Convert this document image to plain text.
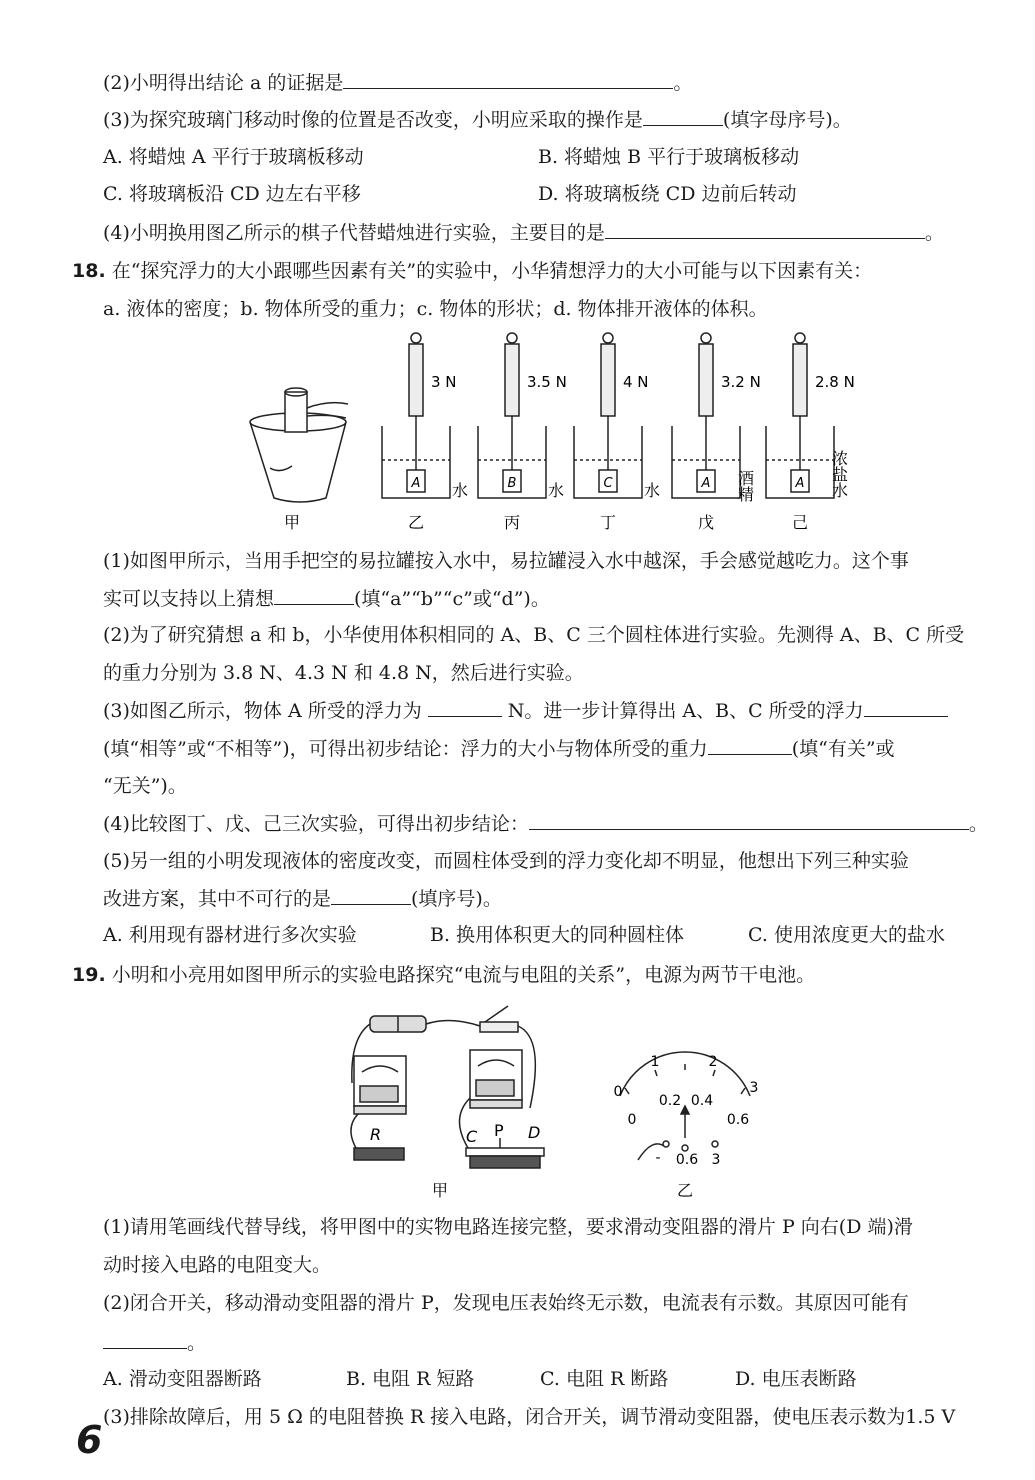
(2)小明得出结论 a 的证据是	。
(3)为探究玻璃门移动时像的位置是否改变，小明应采取的操作是	(填字母序号)。
A. 将蜡烛 A 平行于玻璃板移动	B. 将蜡烛 B 平行于玻璃板移动
C. 将玻璃板沿 CD 边左右平移	D. 将玻璃板绕 CD 边前后转动
(4)小明换用图乙所示的棋子代替蜡烛进行实验，主要目的是	。
18. 在“探究浮力的大小跟哪些因素有关”的实验中，小华猜想浮力的大小可能与以下因素有关：
a. 液体的密度；b. 物体所受的重力；c. 物体的形状；d. 物体排开液体的体积。
3 N	3.5 N	4 N	3.2 N	2.8 N
A	B	C	A	A
水	水	水	酒精	浓盐水
甲	乙	丙	丁	戊	己
(1)如图甲所示，当用手把空的易拉罐按入水中，易拉罐浸入水中越深，手会感觉越吃力。这个事
实可以支持以上猜想	(填“a”“b”“c”或“d”)。
(2)为了研究猜想 a 和 b，小华使用体积相同的 A、B、C 三个圆柱体进行实验。先测得 A、B、C 所受
的重力分别为 3.8 N、4.3 N 和 4.8 N，然后进行实验。
(3)如图乙所示，物体 A 所受的浮力为	N。进一步计算得出 A、B、C 所受的浮力
(填“相等”或“不相等”)，可得出初步结论：浮力的大小与物体所受的重力	(填“有关”或
“无关”)。
(4)比较图丁、戊、己三次实验，可得出初步结论：	。
(5)另一组的小明发现液体的密度改变，而圆柱体受到的浮力变化却不明显，他想出下列三种实验
改进方案，其中不可行的是	(填序号)。
A. 利用现有器材进行多次实验	B. 换用体积更大的同种圆柱体	C. 使用浓度更大的盐水
19. 小明和小亮用如图甲所示的实验电路探究“电流与电阻的关系”，电源为两节干电池。
R	C P D
1	2
0	3
0.2 0.4
0	0.6
- 0.6 3
甲	乙
(1)请用笔画线代替导线，将甲图中的实物电路连接完整，要求滑动变阻器的滑片 P 向右(D 端)滑
动时接入电路的电阻变大。
(2)闭合开关，移动滑动变阻器的滑片 P，发现电压表始终无示数，电流表有示数。其原因可能有
。
A. 滑动变阻器断路	B. 电阻 R 短路	C. 电阻 R 断路	D. 电压表断路
(3)排除故障后，用 5 Ω 的电阻替换 R 接入电路，闭合开关，调节滑动变阻器，使电压表示数为1.5 V
6
